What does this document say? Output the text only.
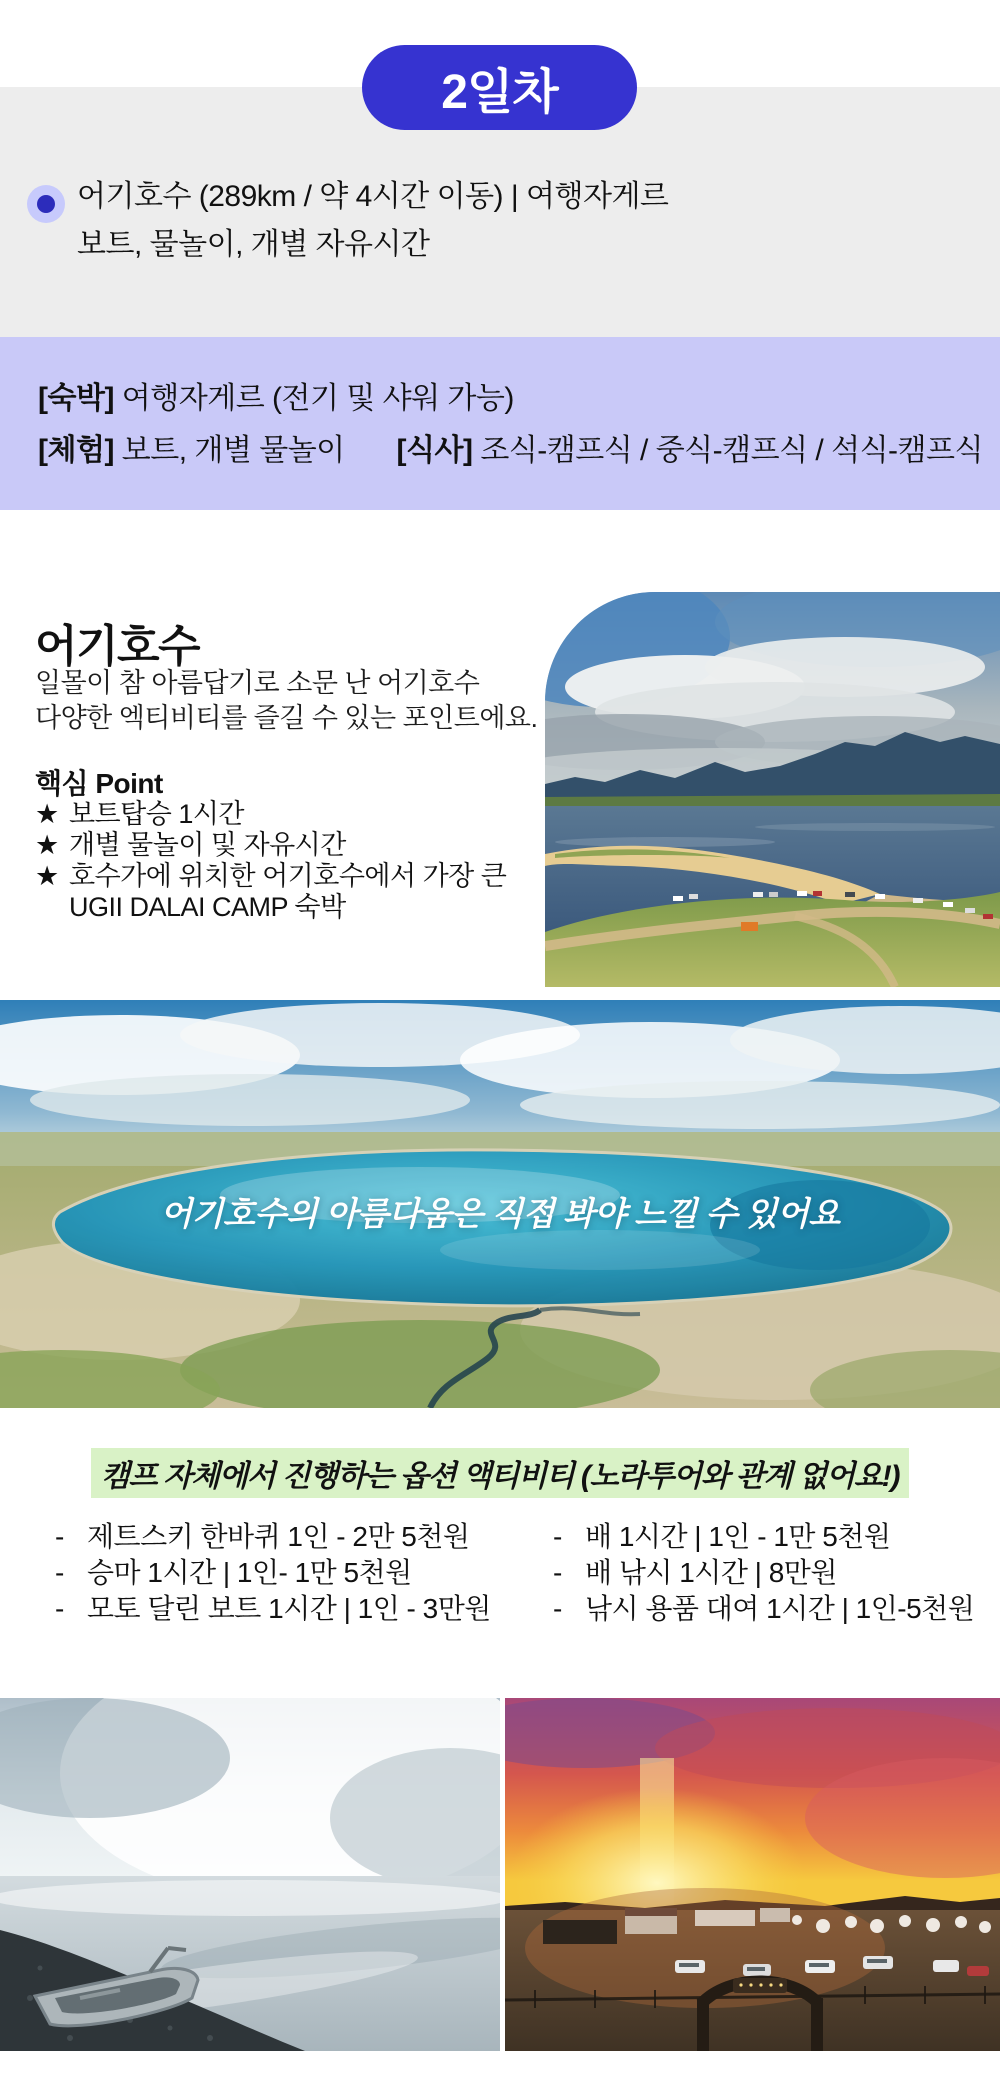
2일차
어기호수 (289km / 약 4시간 이동) | 여행자게르
보트, 물놀이, 개별 자유시간
[숙박] 여행자게르 (전기 및 샤워 가능)
[체험] 보트, 개별 물놀이 [식사] 조식-캠프식 / 중식-캠프식 / 석식-캠프식
어기호수
일몰이 참 아름답기로 소문 난 어기호수
다양한 엑티비티를 즐길 수 있는 포인트에요.
핵심 Point
★ 보트탑승 1시간
★ 개별 물놀이 및 자유시간
★ 호수가에 위치한 어기호수에서 가장 큰
UGII DALAI CAMP 숙박
어기호수의 아름다움은 직접 봐야 느낄 수 있어요
캠프 자체에서 진행하는 옵션 액티비티 (노라투어와 관계 없어요!)
- 제트스키 한바퀴 1인 - 2만 5천원
- 승마 1시간 | 1인- 1만 5천원
- 모토 달린 보트 1시간 | 1인 - 3만원
- 배 1시간 | 1인 - 1만 5천원
- 배 낚시 1시간 | 8만원
- 낚시 용품 대여 1시간 | 1인-5천원
